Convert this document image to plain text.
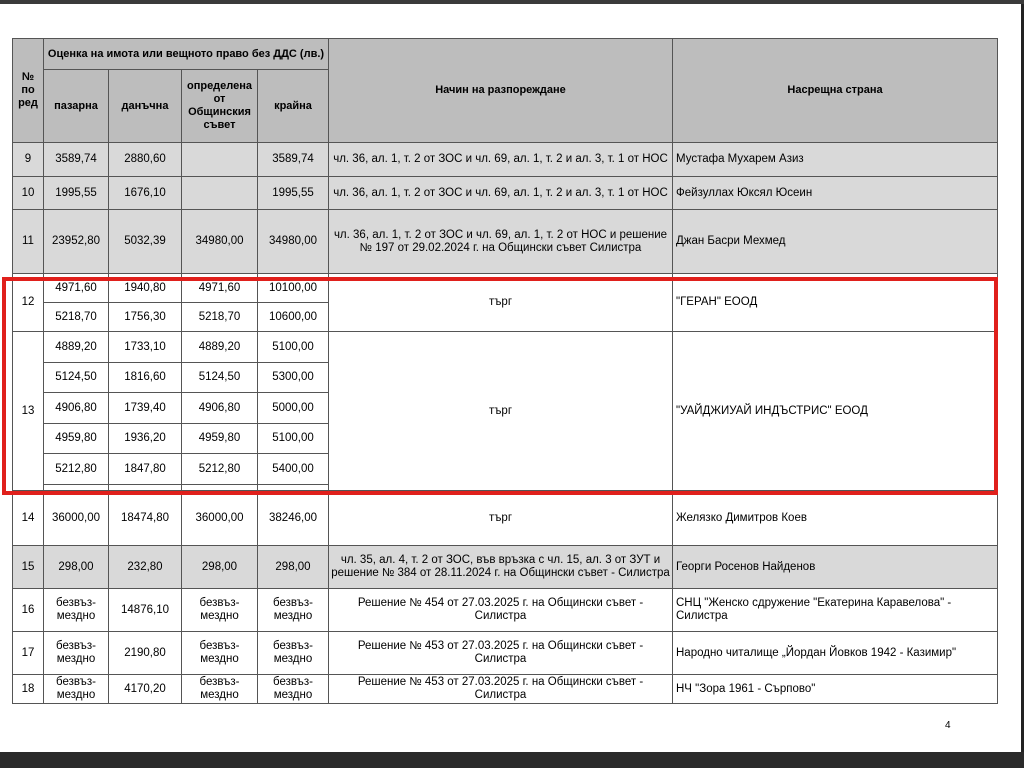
№ по ред	Оценка на имота или вещното право без ДДС (лв.)				Начин на разпореждане	Насрещна страна
	пазарна	данъчна	определена от Общинския съвет	крайна		
9	3589,74	2880,60		3589,74	чл. 36, ал. 1, т. 2 от ЗОС и чл. 69, ал. 1, т. 2 и ал. 3, т. 1 от НОС	Мустафа Мухарем Азиз
10	1995,55	1676,10		1995,55	чл. 36, ал. 1, т. 2 от ЗОС и чл. 69, ал. 1, т. 2 и ал. 3, т. 1 от НОС	Фейзуллах Юксял Юсеин
11	23952,80	5032,39	34980,00	34980,00	чл. 36, ал. 1, т. 2 от ЗОС и чл. 69, ал. 1, т. 2 от НОС и решение № 197 от 29.02.2024 г. на Общински съвет Силистра	Джан Басри Мехмед
12	4971,60	1940,80	4971,60	10100,00	търг	"ГЕРАН" ЕООД
	5218,70	1756,30	5218,70	10600,00		
13	4889,20	1733,10	4889,20	5100,00	търг	"УАЙДЖИУАЙ ИНДЪСТРИС" ЕООД
	5124,50	1816,60	5124,50	5300,00		
	4906,80	1739,40	4906,80	5000,00		
	4959,80	1936,20	4959,80	5100,00		
	5212,80	1847,80	5212,80	5400,00		

14	36000,00	18474,80	36000,00	38246,00	търг	Желязко Димитров Коев
15	298,00	232,80	298,00	298,00	чл. 35, ал. 4, т. 2 от ЗОС, във връзка с чл. 15, ал. 3 от ЗУТ и решение № 384 от 28.11.2024 г. на Общински съвет - Силистра	Георги Росенов Найденов
16	безвъз-мездно	14876,10	безвъз-мездно	безвъз-мездно	Решение № 454 от 27.03.2025 г. на Общински съвет - Силистра	СНЦ "Женско сдружение "Екатерина Каравелова" - Силистра
17	безвъз-мездно	2190,80	безвъз-мездно	безвъз-мездно	Решение № 453 от 27.03.2025 г. на Общински съвет - Силистра	Народно читалище „Йордан Йовков 1942 - Казимир"
18	безвъз-мездно	4170,20	безвъз-мездно	безвъз-мездно	Решение № 453 от 27.03.2025 г. на Общински съвет - Силистра	НЧ "Зора 1961 - Сърпово"
4
